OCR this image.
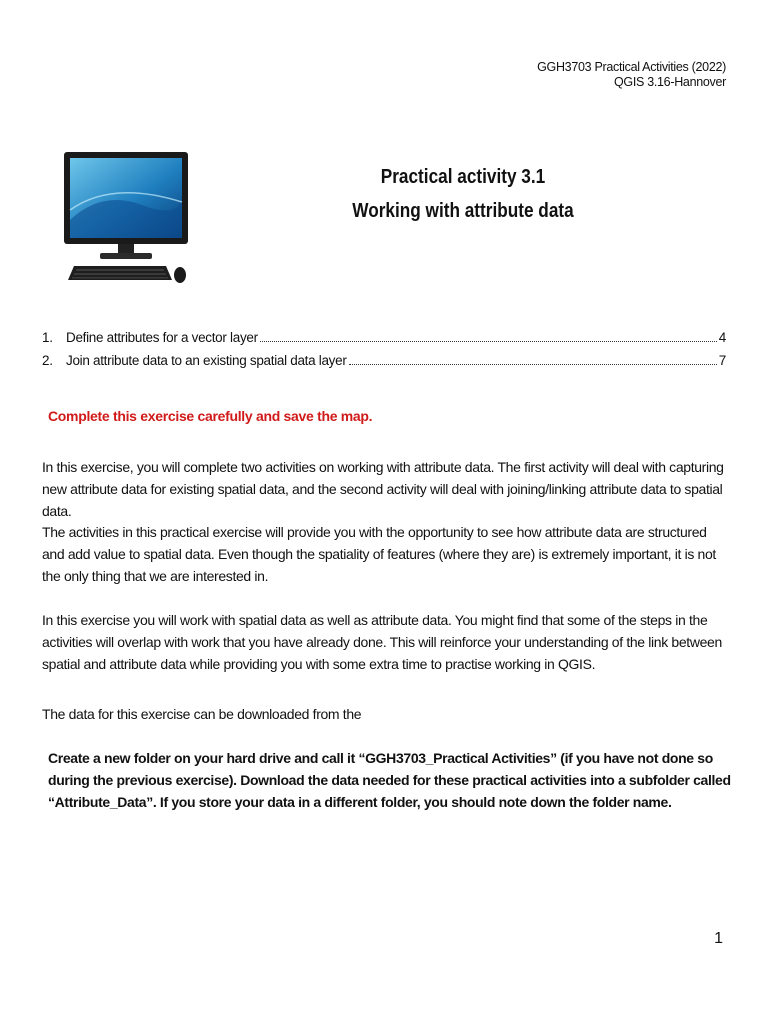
GGH3703 Practical Activities (2022)
QGIS 3.16-Hannover
Practical activity 3.1
Working with attribute data
1. Define attributes for a vector layer	4
2. Join attribute data to an existing spatial data layer	7
Complete this exercise carefully and save the map.
In this exercise, you will complete two activities on working with attribute data. The first activity will deal with capturing new attribute data for existing spatial data, and the second activity will deal with joining/linking attribute data to spatial data.
The activities in this practical exercise will provide you with the opportunity to see how attribute data are structured and add value to spatial data. Even though the spatiality of features (where they are) is extremely important, it is not the only thing that we are interested in.
In this exercise you will work with spatial data as well as attribute data. You might find that some of the steps in the activities will overlap with work that you have already done. This will reinforce your understanding of the link between spatial and attribute data while providing you with some extra time to practise working in QGIS.
The data for this exercise can be downloaded from the
Create a new folder on your hard drive and call it “GGH3703_Practical Activities” (if you have not done so during the previous exercise). Download the data needed for these practical activities into a subfolder called “Attribute_Data”. If you store your data in a different folder, you should note down the folder name.
1
